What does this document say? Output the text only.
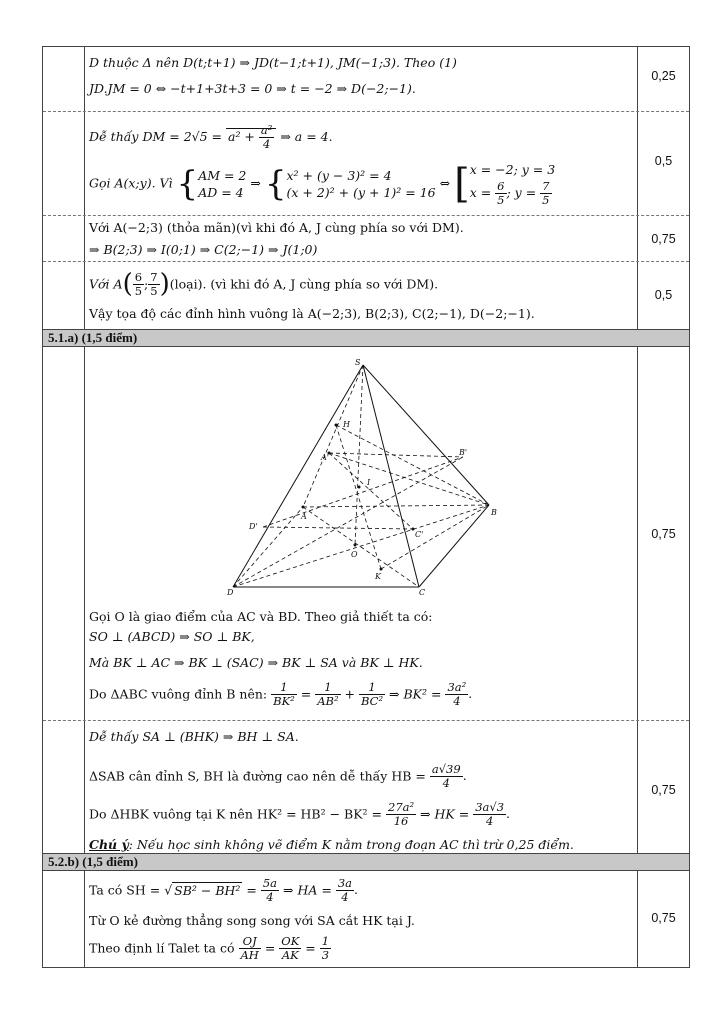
D thuộc Δ nên D(t;t+1) ⇒ JD(t−1;t+1), JM(−1;3). Theo (1)
JD.JM = 0 ⇔ −t+1+3t+3 = 0 ⇒ t = −2 ⇒ D(−2;−1).
0,25
Dễ thấy DM = $2√5 = a^2 + \frac{\text{a²}}{4}$ ⇒ a = 4.
Gọi A(x;y). Vì { AM = 2
AD = 4
⇒ { x² + (y − 3)² = 4
(x + 2)² + (y + 1)² = 16
⇔ [ x = −2; y = 3
$x = \frac{6}{5}$ ; $y = \frac{7}{5}$
0,5
Với A(−2;3) (thỏa mãn)(vì khi đó A, J cùng phía so với DM).
⇒ B(2;3) ⇒ I(0;1) ⇒ C(2;−1) ⇒ J(1;0)
0,75
Với $A( \frac{6}{5}$ ; $\frac{7}{5}$ )(loại). (vì khi đó A, J cùng phía so với DM).
Vậy tọa độ các đỉnh hình vuông là A(−2;3), B(2;3), C(2;−1), D(−2;−1).
0,5
5.1.a) (1,5 điểm)
S
H
B'
A'
I
D'
A	B
C'
O
K
D	C
Gọi O là giao điểm của AC và BD. Theo giả thiết ta có:
SO ⊥ (ABCD) ⇒ SO ⊥ BK,
Mà BK ⊥ AC ⇒ BK ⊥ (SAC) ⇒ BK ⊥ SA và BK ⊥ HK.
Do ΔABC vuông đỉnh B nên: $\frac{1}{\text{BK²}} = \frac{1}{\text{AB²}} + \frac{1}{\text{BC²}}$ ⇒ $BK^2 = \frac{\text{3a²}}{4}$ .
0,75
Dễ thấy SA ⊥ (BHK) ⇒ BH ⊥ SA.
ΔSAB cân đỉnh S, BH là đường cao nên dễ thấy HB = $\frac{a√39}{4}$ .
Do ΔHBK vuông tại K nên $HK^2 = HB^2 - BK^2 = \frac{\text{27a²}}{16}$ ⇒ HK = $\frac{3a√3}{4}$ .
Chú ý: Nếu học sinh không vẽ điểm K nằm trong đoạn AC thì trừ 0,25 điểm.
0,75
5.2.b) (1,5 điểm)
Ta có SH = √ $SB^2 - BH^2 = \frac{5a}{4}$ ⇒ HA = $\frac{3a}{4}$ .
Từ O kẻ đường thẳng song song với SA cắt HK tại J.
Theo định lí Talet ta có $\frac{OJ}{AH} = \frac{OK}{AK} = \frac{1}{3}$
0,75
